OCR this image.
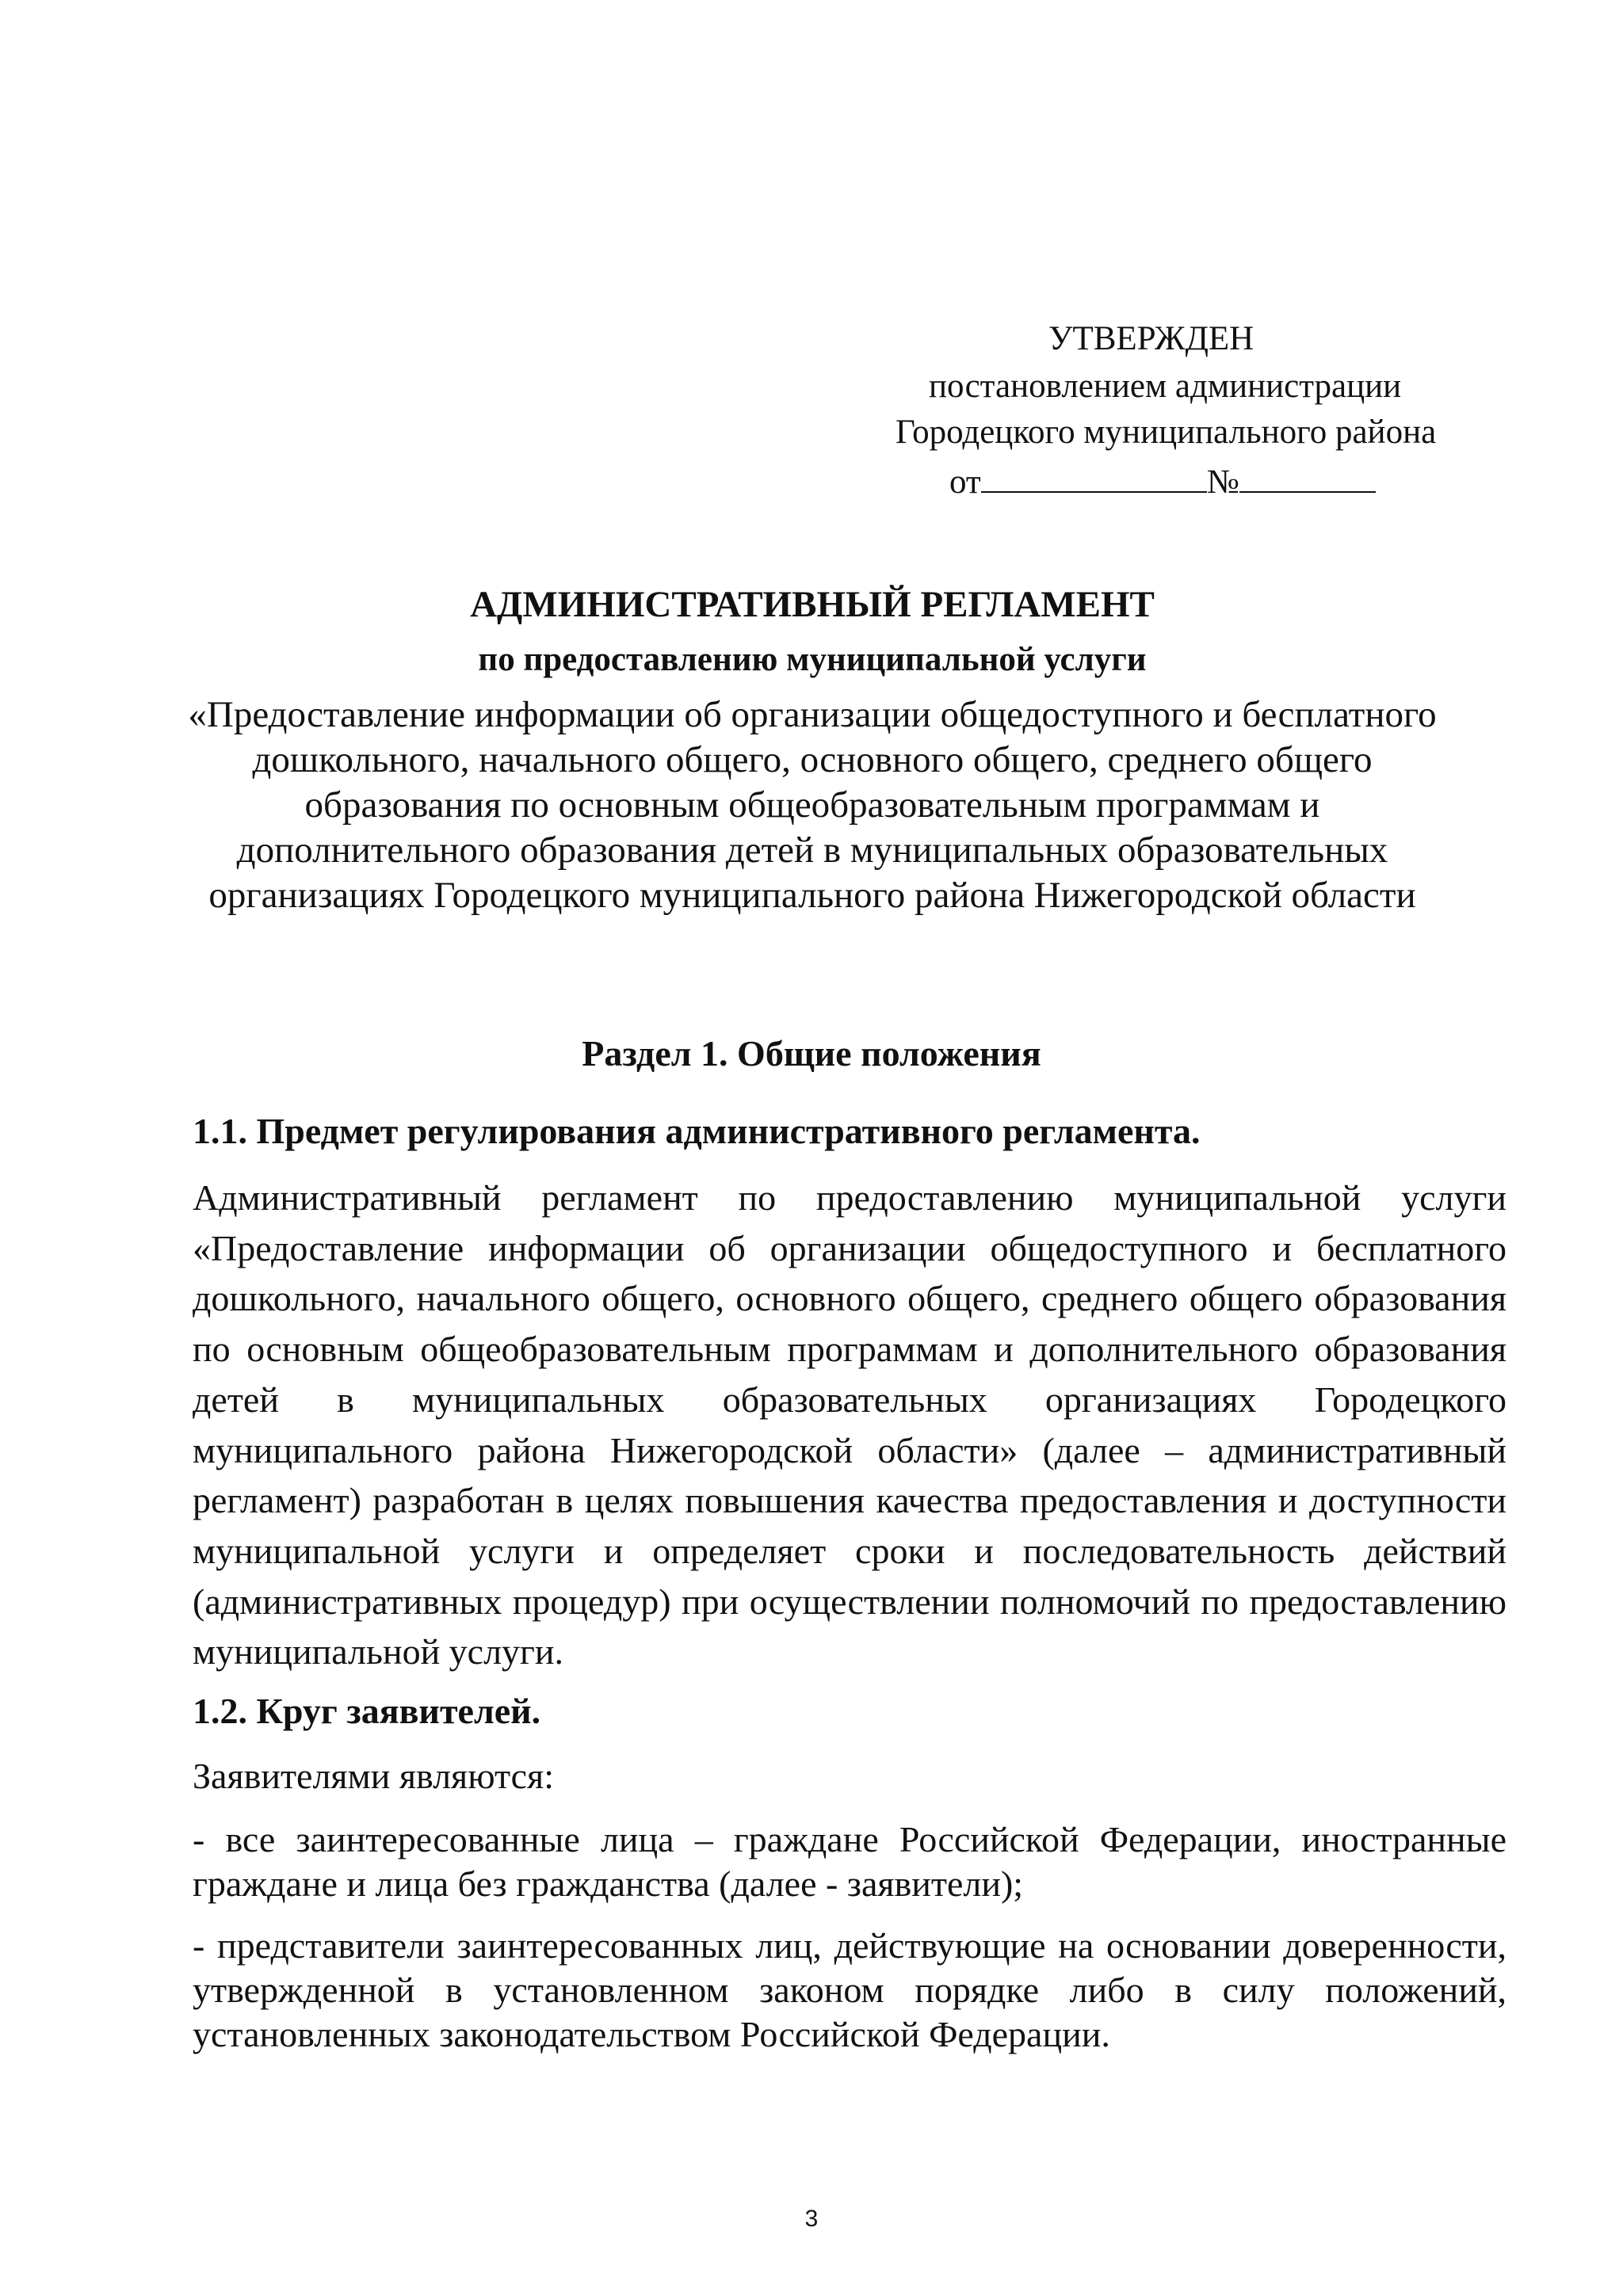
УТВЕРЖДЕН
постановлением администрации
Городецкого муниципального района
от	№

АДМИНИСТРАТИВНЫЙ РЕГЛАМЕНТ

по предоставлению муниципальной услуги

«Предоставление информации об организации общедоступного и бесплатного
дошкольного, начального общего, основного общего, среднего общего
образования по основным общеобразовательным программам и
дополнительного образования детей в муниципальных образовательных
организациях Городецкого муниципального района Нижегородской области

Раздел 1. Общие положения

1.1. Предмет регулирования административного регламента.

Административный регламент по предоставлению муниципальной услуги «Предоставление информации об организации общедоступного и бесплатного дошкольного, начального общего, основного общего, среднего общего образования по основным общеобразовательным программам и дополнительного образования детей в муниципальных образовательных организациях Городецкого муниципального района Нижегородской области» (далее – административный регламент) разработан в целях повышения качества предоставления и доступности муниципальной услуги и определяет сроки и последовательность действий (административных процедур) при осуществлении полномочий по предоставлению муниципальной услуги.

1.2. Круг заявителей.

Заявителями являются:

- все заинтересованные лица – граждане Российской Федерации, иностранные граждане и лица без гражданства (далее - заявители);

- представители заинтересованных лиц, действующие на основании доверенности, утвержденной в установленном законом порядке либо в силу положений, установленных законодательством Российской Федерации.

3
